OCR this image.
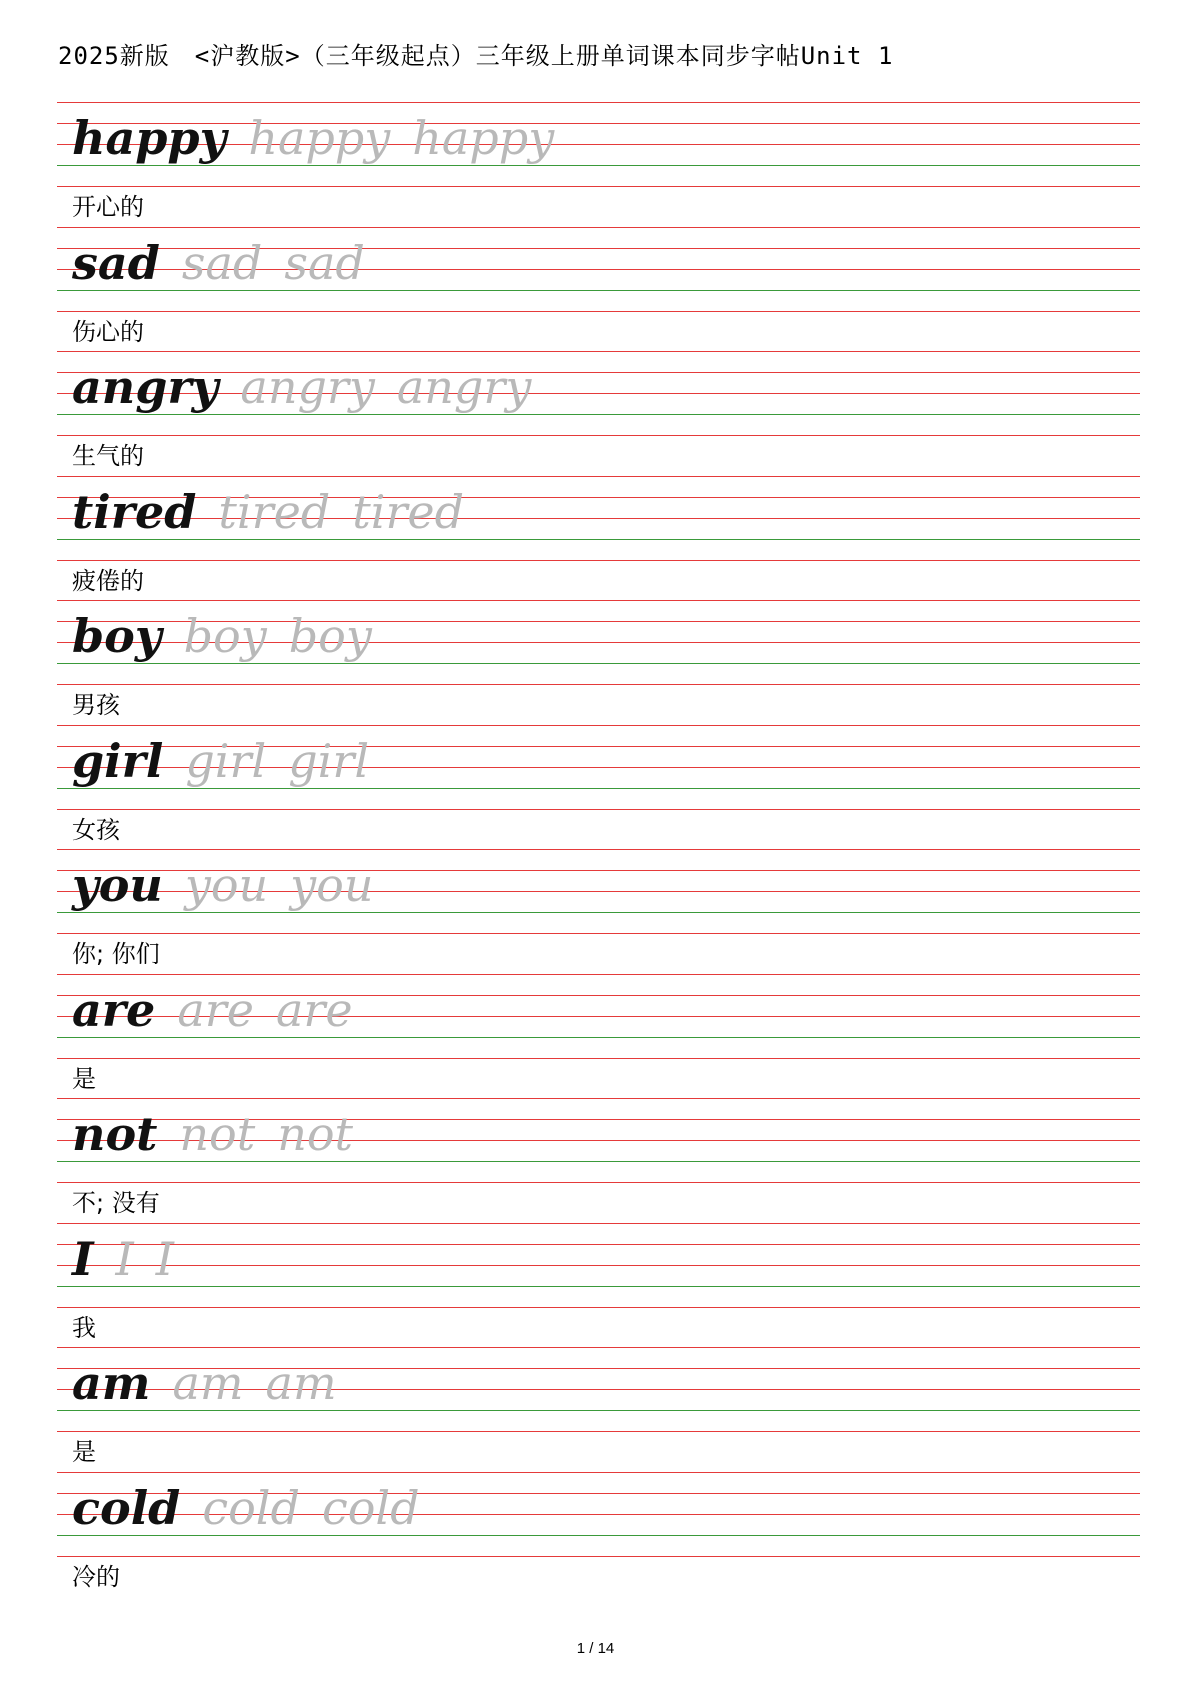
2025新版　<沪教版>（三年级起点）三年级上册单词课本同步字帖Unit 1
happy happy happy
开心的
sad sad sad
伤心的
angry angry angry
生气的
tired tired tired
疲倦的
boy boy boy
男孩
girl girl girl
女孩
you you you
你; 你们
are are are
是
not not not
不; 没有
I I I
我
am am am
是
cold cold cold
冷的
1 / 14
